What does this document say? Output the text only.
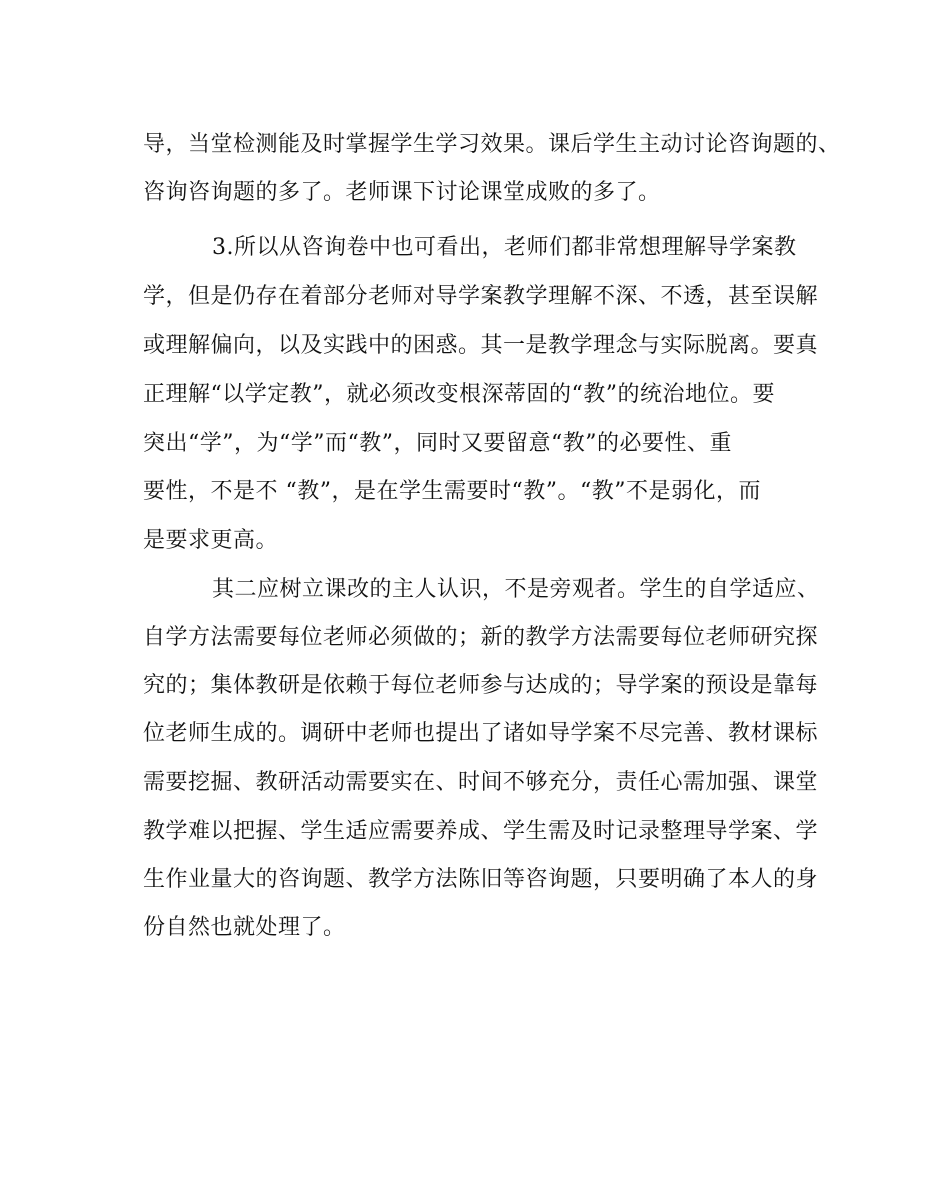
导，当堂检测能及时掌握学生学习效果。课后学生主动讨论咨询题的、
咨询咨询题的多了。老师课下讨论课堂成败的多了。
3.所以从咨询卷中也可看出，老师们都非常想理解导学案教
学，但是仍存在着部分老师对导学案教学理解不深、不透，甚至误解
或理解偏向，以及实践中的困惑。其一是教学理念与实际脱离。要真
正理解“以学定教”，就必须改变根深蒂固的“教”的统治地位。要
突出“学”，为“学”而“教”，同时又要留意“教”的必要性、重
要性，不是不 “教”，是在学生需要时“教”。“教”不是弱化，而
是要求更高。
其二应树立课改的主人认识，不是旁观者。学生的自学适应、
自学方法需要每位老师必须做的；新的教学方法需要每位老师研究探
究的；集体教研是依赖于每位老师参与达成的；导学案的预设是靠每
位老师生成的。调研中老师也提出了诸如导学案不尽完善、教材课标
需要挖掘、教研活动需要实在、时间不够充分，责任心需加强、课堂
教学难以把握、学生适应需要养成、学生需及时记录整理导学案、学
生作业量大的咨询题、教学方法陈旧等咨询题，只要明确了本人的身
份自然也就处理了。
